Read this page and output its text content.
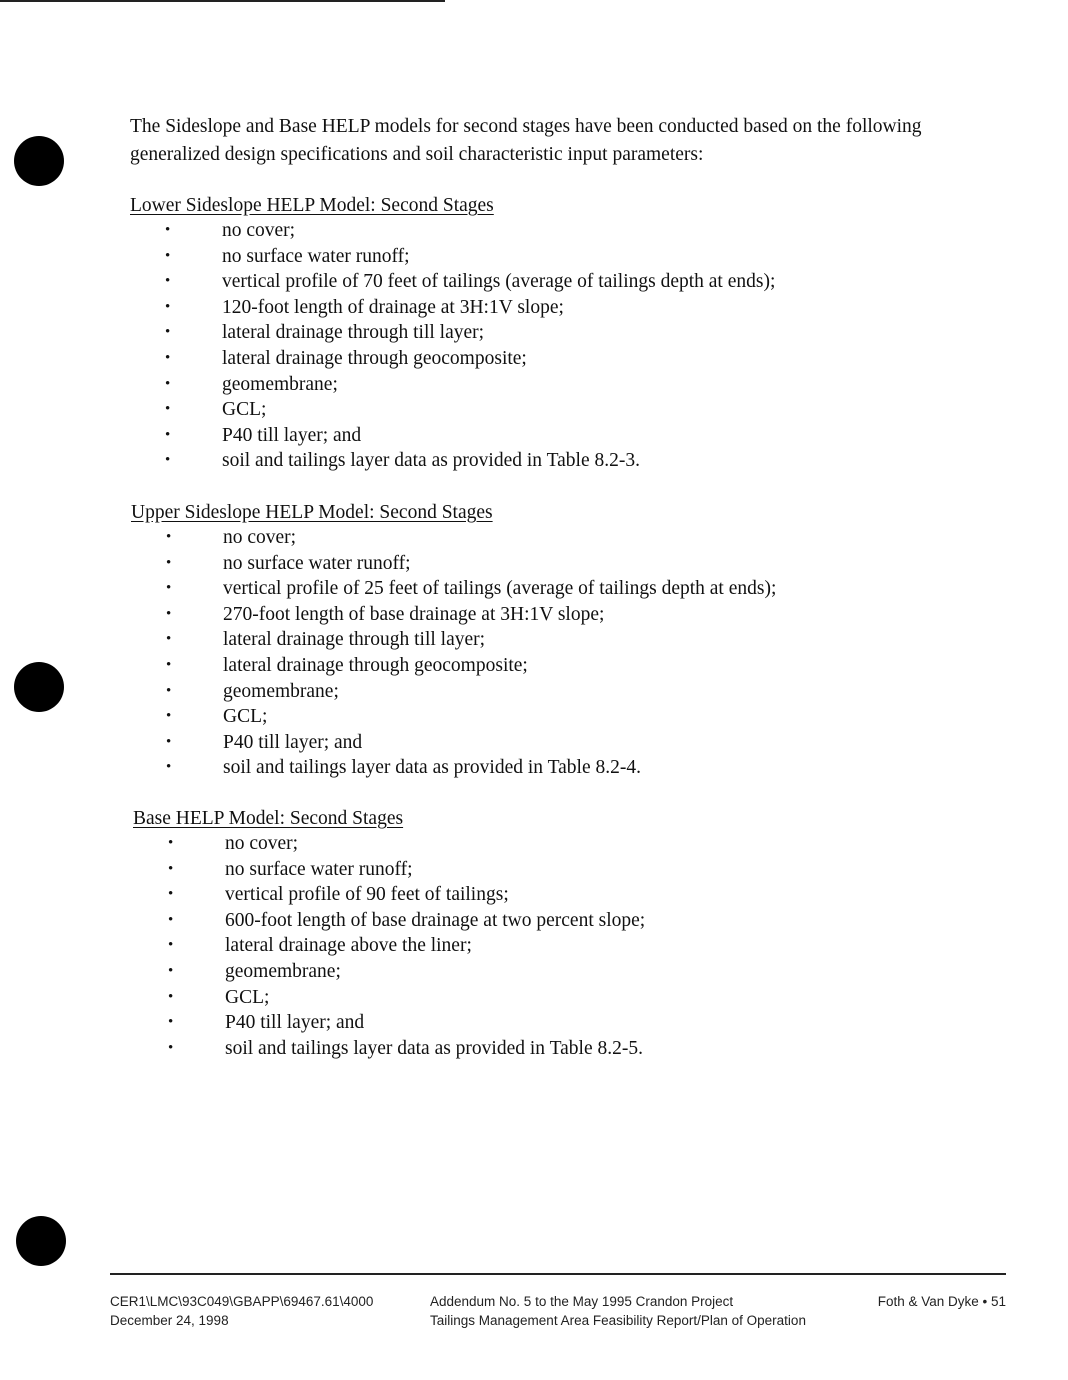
The Sideslope and Base HELP models for second stages have been conducted based on the following generalized design specifications and soil characteristic input parameters:

Lower Sideslope HELP Model: Second Stages
•	no cover;
•	no surface water runoff;
•	vertical profile of 70 feet of tailings (average of tailings depth at ends);
•	120-foot length of drainage at 3H:1V slope;
•	lateral drainage through till layer;
•	lateral drainage through geocomposite;
•	geomembrane;
•	GCL;
•	P40 till layer; and
•	soil and tailings layer data as provided in Table 8.2-3.
Upper Sideslope HELP Model: Second Stages
•	no cover;
•	no surface water runoff;
•	vertical profile of 25 feet of tailings (average of tailings depth at ends);
•	270-foot length of base drainage at 3H:1V slope;
•	lateral drainage through till layer;
•	lateral drainage through geocomposite;
•	geomembrane;
•	GCL;
•	P40 till layer; and
•	soil and tailings layer data as provided in Table 8.2-4.
Base HELP Model: Second Stages
•	no cover;
•	no surface water runoff;
•	vertical profile of 90 feet of tailings;
•	600-foot length of base drainage at two percent slope;
•	lateral drainage above the liner;
•	geomembrane;
•	GCL;
•	P40 till layer; and
•	soil and tailings layer data as provided in Table 8.2-5.
CER1\LMC\93C049\GBAPP\69467.61\4000
December 24, 1998
Addendum No. 5 to the May 1995 Crandon Project
Tailings Management Area Feasibility Report/Plan of Operation
Foth & Van Dyke • 51
